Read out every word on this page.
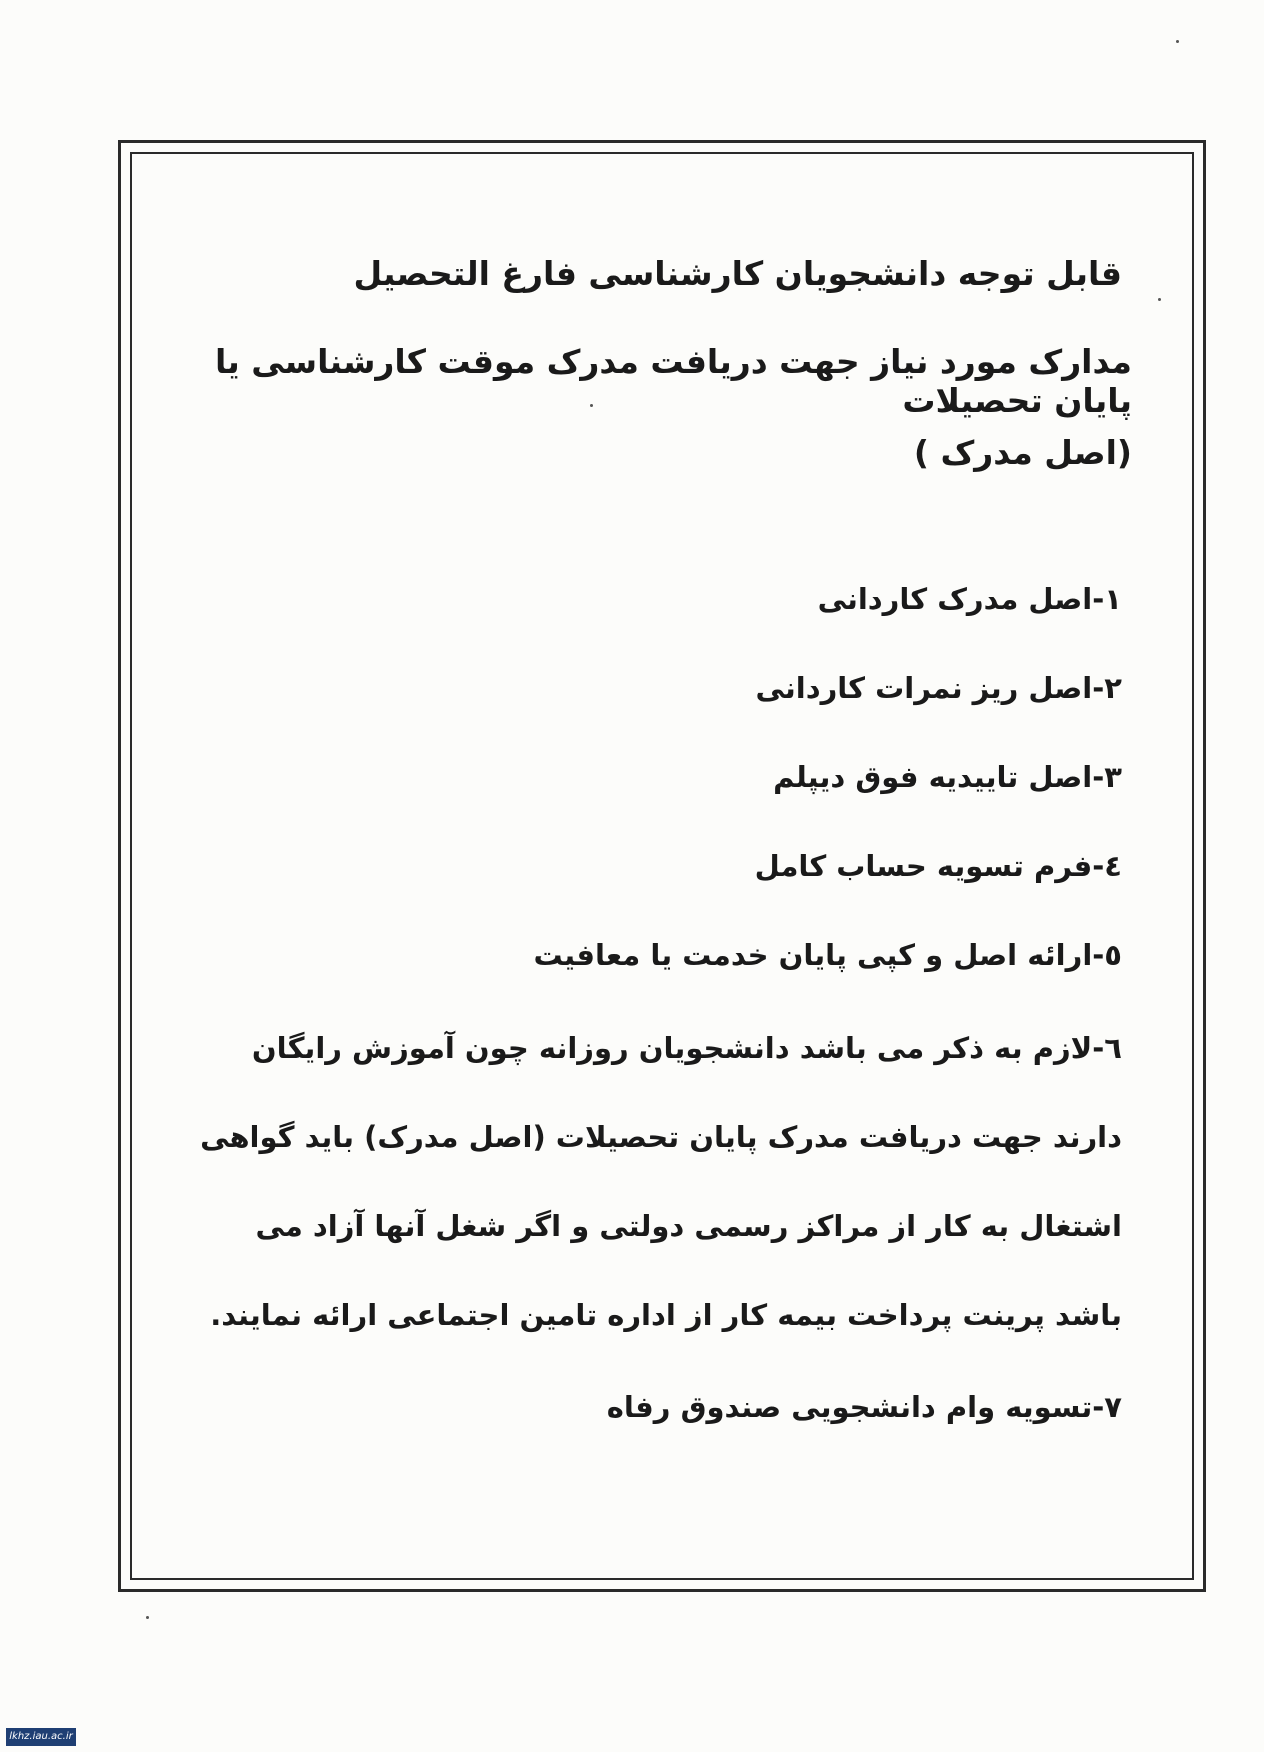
قابل توجه دانشجویان کارشناسی فارغ التحصیل

مدارک مورد نیاز جهت دریافت مدرک موقت کارشناسی یا پایان تحصیلات

(اصل مدرک )

۱-اصل مدرک کاردانی
۲-اصل ریز نمرات کاردانی
۳-اصل تاییدیه فوق دیپلم
٤-فرم تسویه حساب کامل
٥-ارائه اصل و کپی پایان خدمت یا معافیت
٦-لازم به ذکر می باشد دانشجویان روزانه چون آموزش رایگان دارند جهت دریافت مدرک پایان تحصیلات (اصل مدرک) باید گواهی اشتغال به کار از مراکز رسمی دولتی و اگر شغل آنها آزاد می باشد پرینت پرداخت بیمه کار از اداره تامین اجتماعی ارائه نمایند.
۷-تسویه وام دانشجویی صندوق رفاه
lkhz.iau.ac.ir
